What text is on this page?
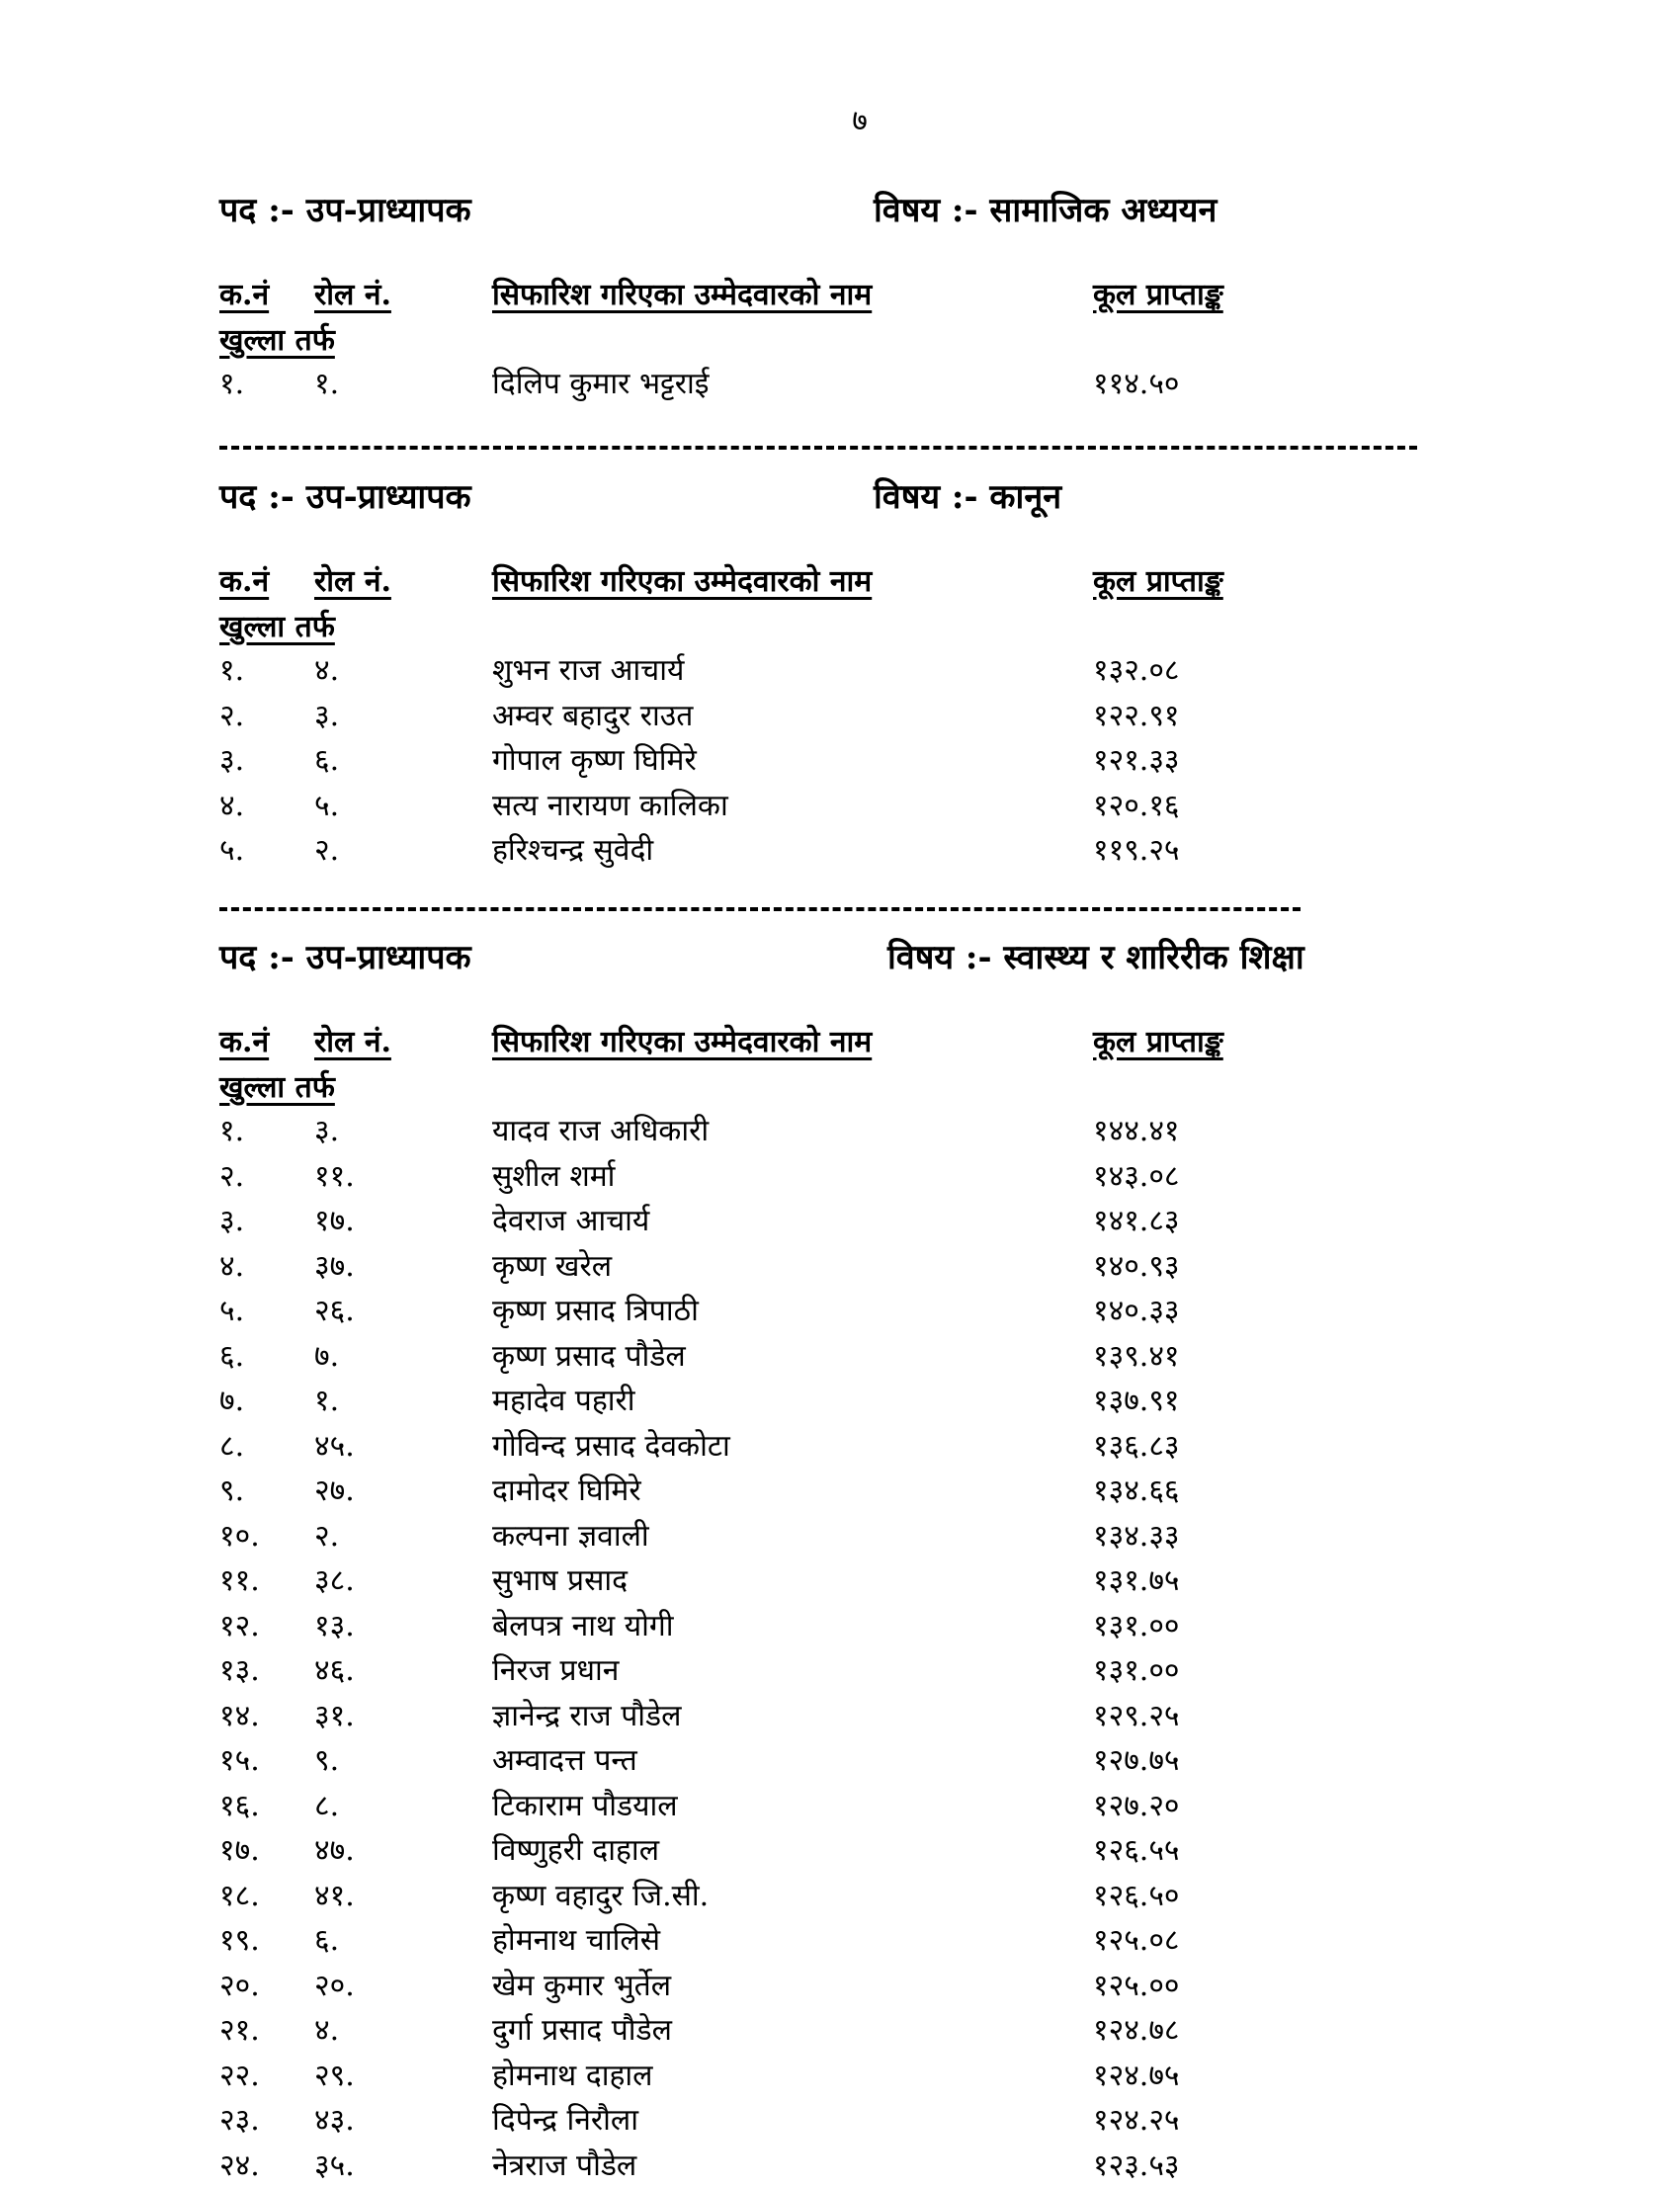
७
पद :- उप-प्राध्यापक	विषय :- सामाजिक अध्ययन
क.नं रोल नं.	सिफारिश गरिएका उम्मेदवारको नाम	कूल प्राप्ताङ्क
खुल्ला तर्फ
१. १.	दिलिप कुमार भट्टराई	११४.५०
पद :- उप-प्राध्यापक	विषय :- कानून
क.नं रोल नं.	सिफारिश गरिएका उम्मेदवारको नाम	कूल प्राप्ताङ्क
खुल्ला तर्फ
१. ४.	शुभन राज आचार्य	१३२.०८
२. ३.	अम्वर बहादुर राउत	१२२.९१
३. ६.	गोपाल कृष्ण घिमिरे	१२१.३३
४. ५.	सत्य नारायण कालिका	१२०.१६
५. २.	हरिश्चन्द्र सुवेदी	११९.२५
पद :- उप-प्राध्यापक	विषय :- स्वास्थ्य र शारिरीक शिक्षा
क.नं रोल नं.	सिफारिश गरिएका उम्मेदवारको नाम	कूल प्राप्ताङ्क
खुल्ला तर्फ
१. ३.	यादव राज अधिकारी	१४४.४१
२. ११.	सुशील शर्मा	१४३.०८
३. १७.	देवराज आचार्य	१४१.८३
४. ३७.	कृष्ण खरेल	१४०.९३
५. २६.	कृष्ण प्रसाद त्रिपाठी	१४०.३३
६. ७.	कृष्ण प्रसाद पौडेल	१३९.४१
७. १.	महादेव पहारी	१३७.९१
८. ४५.	गोविन्द प्रसाद देवकोटा	१३६.८३
९. २७.	दामोदर घिमिरे	१३४.६६
१०. २.	कल्पना ज्ञवाली	१३४.३३
११. ३८.	सुभाष प्रसाद	१३१.७५
१२. १३.	बेलपत्र नाथ योगी	१३१.००
१३. ४६.	निरज प्रधान	१३१.००
१४. ३१.	ज्ञानेन्द्र राज पौडेल	१२९.२५
१५. ९.	अम्वादत्त पन्त	१२७.७५
१६. ८.	टिकाराम पौडयाल	१२७.२०
१७. ४७.	विष्णुहरी दाहाल	१२६.५५
१८. ४१.	कृष्ण वहादुर जि.सी.	१२६.५०
१९. ६.	होमनाथ चालिसे	१२५.०८
२०. २०.	खेम कुमार भुर्तेल	१२५.००
२१. ४.	दुर्गा प्रसाद पौडेल	१२४.७८
२२. २९.	होमनाथ दाहाल	१२४.७५
२३. ४३.	दिपेन्द्र निरौला	१२४.२५
२४. ३५.	नेत्रराज पौडेल	१२३.५३
